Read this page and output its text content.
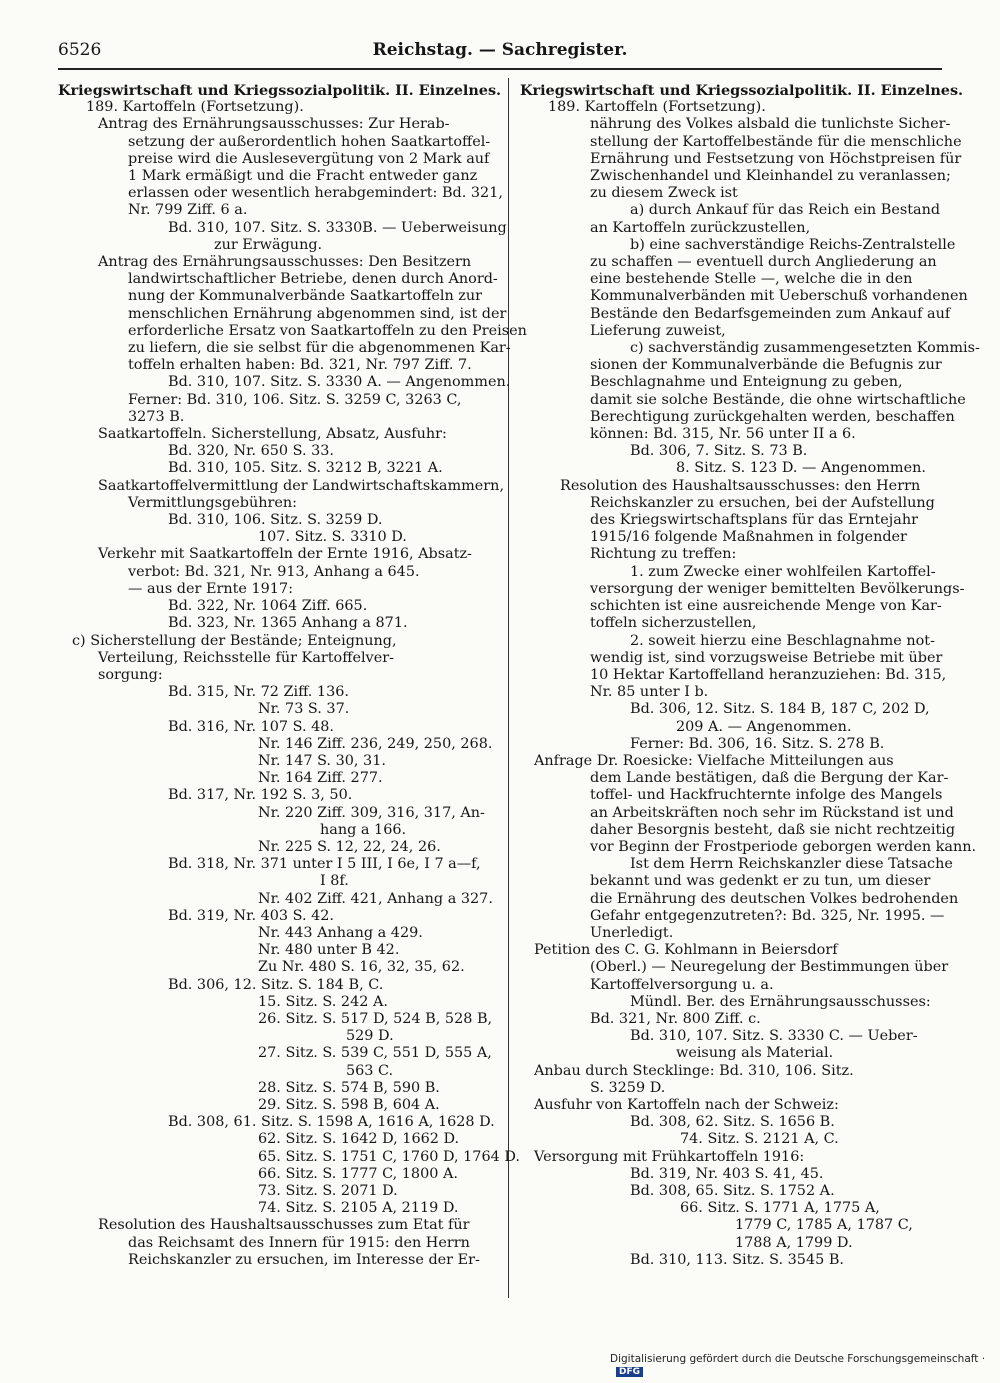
6526	Reichstag. — Sachregister.
Kriegswirtschaft und Kriegssozialpolitik. II. Einzelnes.
189. Kartoffeln (Fortsetzung).
Antrag des Ernährungsausschusses: Zur Herab-
setzung der außerordentlich hohen Saatkartoffel-
preise wird die Auslesevergütung von 2 Mark auf
1 Mark ermäßigt und die Fracht entweder ganz
erlassen oder wesentlich herabgemindert: Bd. 321,
Nr. 799 Ziff. 6 a.
Bd. 310, 107. Sitz. S. 3330B. — Ueberweisung
zur Erwägung.
Antrag des Ernährungsausschusses: Den Besitzern
landwirtschaftlicher Betriebe, denen durch Anord-
nung der Kommunalverbände Saatkartoffeln zur
menschlichen Ernährung abgenommen sind, ist der
erforderliche Ersatz von Saatkartoffeln zu den Preisen
zu liefern, die sie selbst für die abgenommenen Kar-
toffeln erhalten haben: Bd. 321, Nr. 797 Ziff. 7.
Bd. 310, 107. Sitz. S. 3330 A. — Angenommen.
Ferner: Bd. 310, 106. Sitz. S. 3259 C, 3263 C,
3273 B.
Saatkartoffeln. Sicherstellung, Absatz, Ausfuhr:
Bd. 320, Nr. 650 S. 33.
Bd. 310, 105. Sitz. S. 3212 B, 3221 A.
Saatkartoffelvermittlung der Landwirtschaftskammern,
Vermittlungsgebühren:
Bd. 310, 106. Sitz. S. 3259 D.
107. Sitz. S. 3310 D.
Verkehr mit Saatkartoffeln der Ernte 1916, Absatz-
verbot: Bd. 321, Nr. 913, Anhang a 645.
— aus der Ernte 1917:
Bd. 322, Nr. 1064 Ziff. 665.
Bd. 323, Nr. 1365 Anhang a 871.
c) Sicherstellung der Bestände; Enteignung,
Verteilung, Reichsstelle für Kartoffelver-
sorgung:
Bd. 315, Nr. 72 Ziff. 136.
Nr. 73 S. 37.
Bd. 316, Nr. 107 S. 48.
Nr. 146 Ziff. 236, 249, 250, 268.
Nr. 147 S. 30, 31.
Nr. 164 Ziff. 277.
Bd. 317, Nr. 192 S. 3, 50.
Nr. 220 Ziff. 309, 316, 317, An-
hang a 166.
Nr. 225 S. 12, 22, 24, 26.
Bd. 318, Nr. 371 unter I 5 III, I 6e, I 7 a—f,
I 8f.
Nr. 402 Ziff. 421, Anhang a 327.
Bd. 319, Nr. 403 S. 42.
Nr. 443 Anhang a 429.
Nr. 480 unter B 42.
Zu Nr. 480 S. 16, 32, 35, 62.
Bd. 306, 12. Sitz. S. 184 B, C.
15. Sitz. S. 242 A.
26. Sitz. S. 517 D, 524 B, 528 B,
529 D.
27. Sitz. S. 539 C, 551 D, 555 A,
563 C.
28. Sitz. S. 574 B, 590 B.
29. Sitz. S. 598 B, 604 A.
Bd. 308, 61. Sitz. S. 1598 A, 1616 A, 1628 D.
62. Sitz. S. 1642 D, 1662 D.
65. Sitz. S. 1751 C, 1760 D, 1764 D.
66. Sitz. S. 1777 C, 1800 A.
73. Sitz. S. 2071 D.
74. Sitz. S. 2105 A, 2119 D.
Resolution des Haushaltsausschusses zum Etat für
das Reichsamt des Innern für 1915: den Herrn
Reichskanzler zu ersuchen, im Interesse der Er-
Kriegswirtschaft und Kriegssozialpolitik. II. Einzelnes.
189. Kartoffeln (Fortsetzung).
nährung des Volkes alsbald die tunlichste Sicher-
stellung der Kartoffelbestände für die menschliche
Ernährung und Festsetzung von Höchstpreisen für
Zwischenhandel und Kleinhandel zu veranlassen;
zu diesem Zweck ist
a) durch Ankauf für das Reich ein Bestand
an Kartoffeln zurückzustellen,
b) eine sachverständige Reichs-Zentralstelle
zu schaffen — eventuell durch Angliederung an
eine bestehende Stelle —, welche die in den
Kommunalverbänden mit Ueberschuß vorhandenen
Bestände den Bedarfsgemeinden zum Ankauf auf
Lieferung zuweist,
c) sachverständig zusammengesetzten Kommis-
sionen der Kommunalverbände die Befugnis zur
Beschlagnahme und Enteignung zu geben,
damit sie solche Bestände, die ohne wirtschaftliche
Berechtigung zurückgehalten werden, beschaffen
können: Bd. 315, Nr. 56 unter II a 6.
Bd. 306, 7. Sitz. S. 73 B.
8. Sitz. S. 123 D. — Angenommen.
Resolution des Haushaltsausschusses: den Herrn
Reichskanzler zu ersuchen, bei der Aufstellung
des Kriegswirtschaftsplans für das Erntejahr
1915/16 folgende Maßnahmen in folgender
Richtung zu treffen:
1. zum Zwecke einer wohlfeilen Kartoffel-
versorgung der weniger bemittelten Bevölkerungs-
schichten ist eine ausreichende Menge von Kar-
toffeln sicherzustellen,
2. soweit hierzu eine Beschlagnahme not-
wendig ist, sind vorzugsweise Betriebe mit über
10 Hektar Kartoffelland heranzuziehen: Bd. 315,
Nr. 85 unter I b.
Bd. 306, 12. Sitz. S. 184 B, 187 C, 202 D,
209 A. — Angenommen.
Ferner: Bd. 306, 16. Sitz. S. 278 B.
Anfrage Dr. Roesicke: Vielfache Mitteilungen aus
dem Lande bestätigen, daß die Bergung der Kar-
toffel- und Hackfruchternte infolge des Mangels
an Arbeitskräften noch sehr im Rückstand ist und
daher Besorgnis besteht, daß sie nicht rechtzeitig
vor Beginn der Frostperiode geborgen werden kann.
Ist dem Herrn Reichskanzler diese Tatsache
bekannt und was gedenkt er zu tun, um dieser
die Ernährung des deutschen Volkes bedrohenden
Gefahr entgegenzutreten?: Bd. 325, Nr. 1995. —
Unerledigt.
Petition des C. G. Kohlmann in Beiersdorf
(Oberl.) — Neuregelung der Bestimmungen über
Kartoffelversorgung u. a.
Mündl. Ber. des Ernährungsausschusses:
Bd. 321, Nr. 800 Ziff. c.
Bd. 310, 107. Sitz. S. 3330 C. — Ueber-
weisung als Material.
Anbau durch Stecklinge: Bd. 310, 106. Sitz.
S. 3259 D.
Ausfuhr von Kartoffeln nach der Schweiz:
Bd. 308, 62. Sitz. S. 1656 B.
74. Sitz. S. 2121 A, C.
Versorgung mit Frühkartoffeln 1916:
Bd. 319, Nr. 403 S. 41, 45.
Bd. 308, 65. Sitz. S. 1752 A.
66. Sitz. S. 1771 A, 1775 A,
1779 C, 1785 A, 1787 C,
1788 A, 1799 D.
Bd. 310, 113. Sitz. S. 3545 B.
Digitalisierung gefördert durch die Deutsche Forschungsgemeinschaft ·DFG
